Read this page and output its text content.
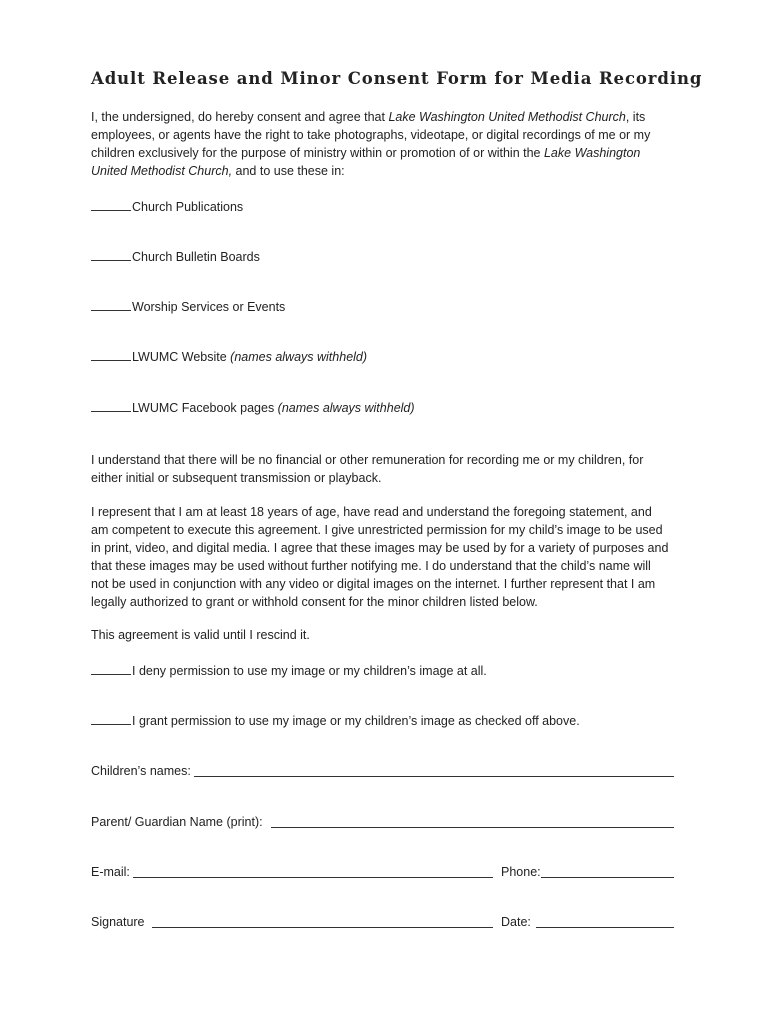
Adult Release and Minor Consent Form for Media Recording
I, the undersigned, do hereby consent and agree that Lake Washington United Methodist Church, its
employees, or agents have the right to take photographs, videotape, or digital recordings of me or my
children exclusively for the purpose of ministry within or promotion of or within the Lake Washington
United Methodist Church, and to use these in:
Church Publications
Church Bulletin Boards
Worship Services or Events
LWUMC Website (names always withheld)
LWUMC Facebook pages (names always withheld)
I understand that there will be no financial or other remuneration for recording me or my children, for
either initial or subsequent transmission or playback.
I represent that I am at least 18 years of age, have read and understand the foregoing statement, and
am competent to execute this agreement. I give unrestricted permission for my child’s image to be used
in print, video, and digital media. I agree that these images may be used by for a variety of purposes and
that these images may be used without further notifying me. I do understand that the child’s name will
not be used in conjunction with any video or digital images on the internet. I further represent that I am
legally authorized to grant or withhold consent for the minor children listed below.
This agreement is valid until I rescind it.
I deny permission to use my image or my children’s image at all.
I grant permission to use my image or my children’s image as checked off above.
Children’s names:
Parent/ Guardian Name (print):
E-mail:	Phone:
Signature	Date:
